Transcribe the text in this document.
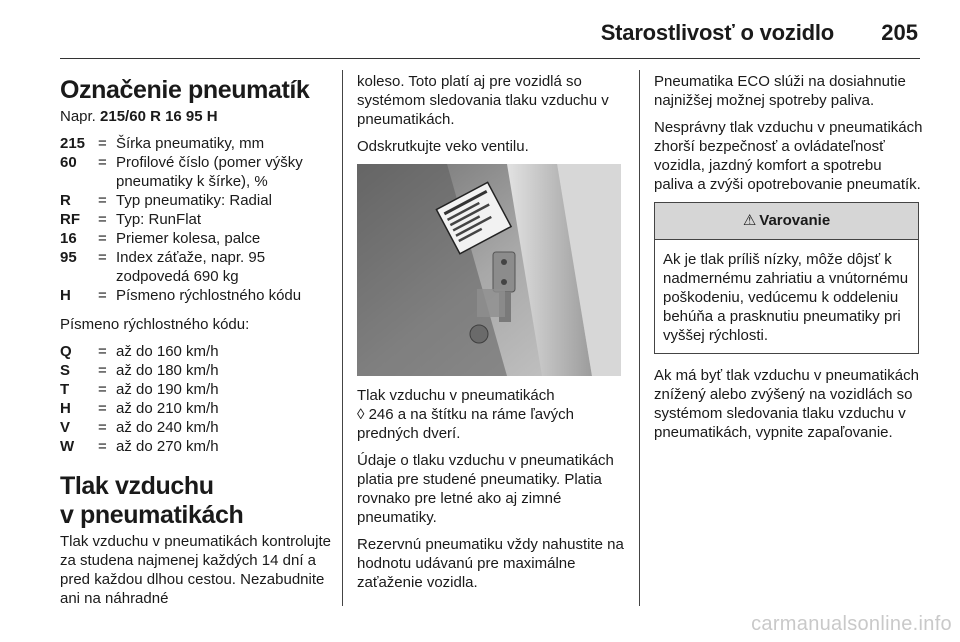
Starostlivosť o vozidlo 205
Označenie pneumatík

Napr. 215/60 R 16 95 H

215 = Šírka pneumatiky, mm
60	= Profilové číslo (pomer výšky pneumatiky k šírke), %
R	= Typ pneumatiky: Radial
RF	= Typ: RunFlat
16	= Priemer kolesa, palce
95	= Index záťaže, napr. 95 zodpovedá 690 kg
H	= Písmeno rýchlostného kódu

Písmeno rýchlostného kódu:

Q	= až do 160 km/h
S	= až do 180 km/h
T	= až do 190 km/h
H	= až do 210 km/h
V	= až do 240 km/h
W	= až do 270 km/h
Tlak vzduchu
v pneumatikách

Tlak vzduchu v pneumatikách kontrolujte za studena najmenej každých 14 dní a pred každou dlhou cestou. Nezabudnite ani na náhradné

koleso. Toto platí aj pre vozidlá so systémom sledovania tlaku vzduchu v pneumatikách.

Odskrutkujte veko ventilu.

Tlak vzduchu v pneumatikách
◊ 246 a na štítku na ráme ľavých predných dverí.

Údaje o tlaku vzduchu v pneumatikách platia pre studené pneumatiky. Platia rovnako pre letné ako aj zimné pneumatiky.

Rezervnú pneumatiku vždy nahustite na hodnotu udávanú pre maximálne zaťaženie vozidla.

Pneumatika ECO slúži na dosiahnutie najnižšej možnej spotreby paliva.

Nesprávny tlak vzduchu v pneumatikách zhorší bezpečnosť a ovládateľnosť vozidla, jazdný komfort a spotrebu paliva a zvýši opotrebovanie pneumatík.

⚠ Varovanie
Ak je tlak príliš nízky, môže dôjsť k nadmernému zahriatiu a vnútornému poškodeniu, vedúcemu k oddeleniu behúňa a prasknutiu pneumatiky pri vyššej rýchlosti.

Ak má byť tlak vzduchu v pneumatikách znížený alebo zvýšený na vozidlách so systémom sledovania tlaku vzduchu v pneumatikách, vypnite zapaľovanie.

carmanualsonline.info
